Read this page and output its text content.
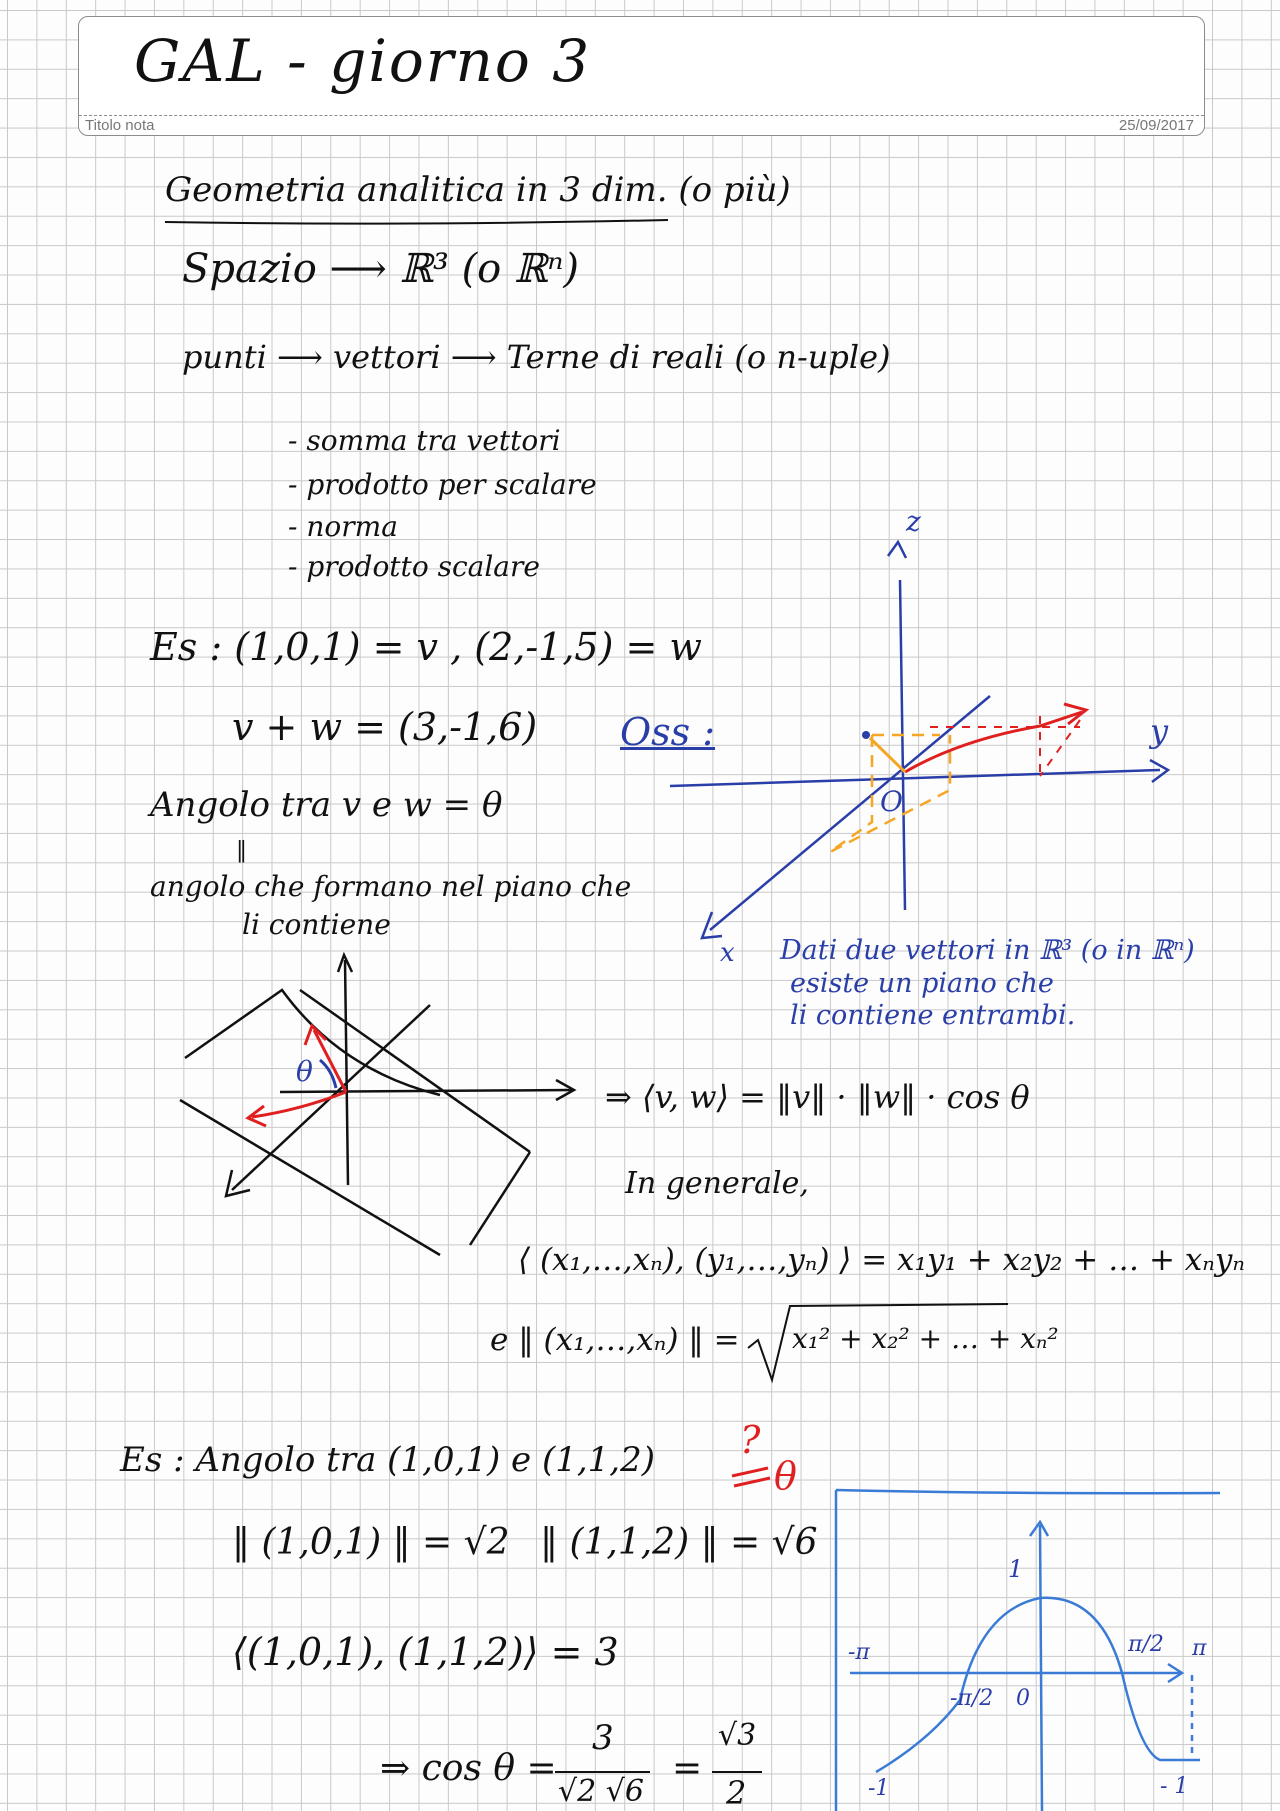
GAL - giorno 3
Titolo nota	25/09/2017
Geometria analitica in 3 dim. (o più)
Spazio ⟶ ℝ³ (o ℝⁿ)
punti ⟶ vettori ⟶ Terne di reali (o n-uple)
- somma tra vettori
- prodotto per scalare
- norma
- prodotto scalare
Es : (1,0,1) = v , (2,-1,5) = w
v + w = (3,-1,6)
Angolo tra v e w = θ
‖
angolo che formano nel piano che
li contiene
Oss :
z
y
x
O
Dati due vettori in ℝ³ (o in ℝⁿ)
esiste un piano che
li contiene entrambi.
θ
⇒ ⟨v, w⟩ = ‖v‖ · ‖w‖ · cos θ
In generale,
⟨ (x₁,…,xₙ), (y₁,…,yₙ) ⟩ = x₁y₁ + x₂y₂ + … + xₙyₙ
e ‖ (x₁,…,xₙ) ‖ = x₁² + x₂² + … + xₙ²
Es : Angolo tra (1,0,1) e (1,1,2) ?
θ
‖ (1,0,1) ‖ = √2 ‖ (1,1,2) ‖ = √6
⟨(1,0,1), (1,1,2)⟩ = 3
⇒ cos θ =
3
√2 √6
=
√3
2
1
-π	π
π/2
-π/2 0
-1	- 1
